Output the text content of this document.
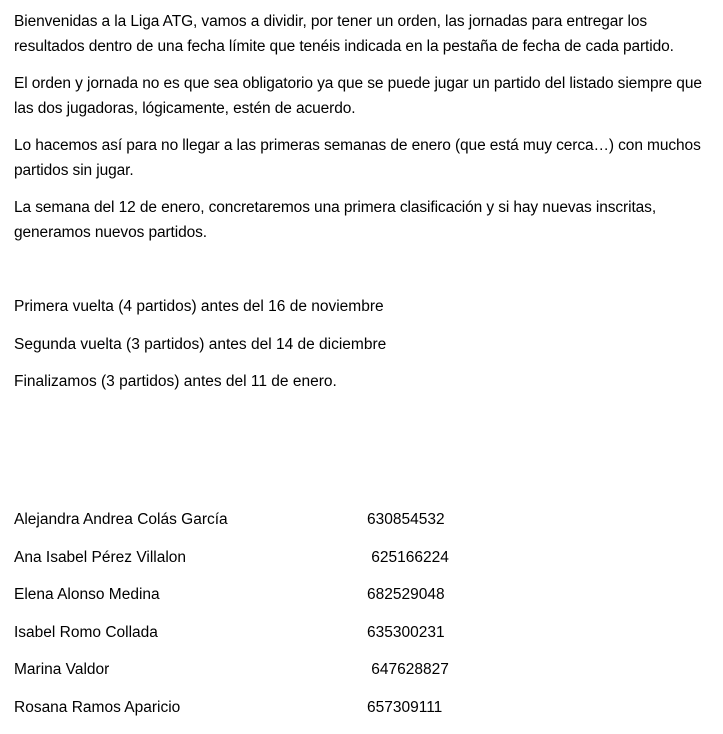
Bienvenidas a la Liga ATG, vamos a dividir, por tener un orden, las jornadas para entregar los resultados dentro de una fecha límite que tenéis indicada en la pestaña de fecha de cada partido.

El orden y jornada no es que sea obligatorio ya que se puede jugar un partido del listado siempre que las dos jugadoras, lógicamente, estén de acuerdo.

Lo hacemos así para no llegar a las primeras semanas de enero (que está muy cerca…) con muchos partidos sin jugar.

La semana del 12 de enero, concretaremos una primera clasificación y si hay nuevas inscritas, generamos nuevos partidos.

Primera vuelta (4 partidos) antes del 16 de noviembre

Segunda vuelta (3 partidos) antes del 14 de diciembre

Finalizamos (3 partidos) antes del 11 de enero.

Alejandra Andrea Colás García	630854532
Ana Isabel Pérez Villalon	625166224
Elena Alonso Medina	682529048
Isabel Romo Collada	635300231
Marina Valdor	647628827
Rosana Ramos Aparicio	657309111
